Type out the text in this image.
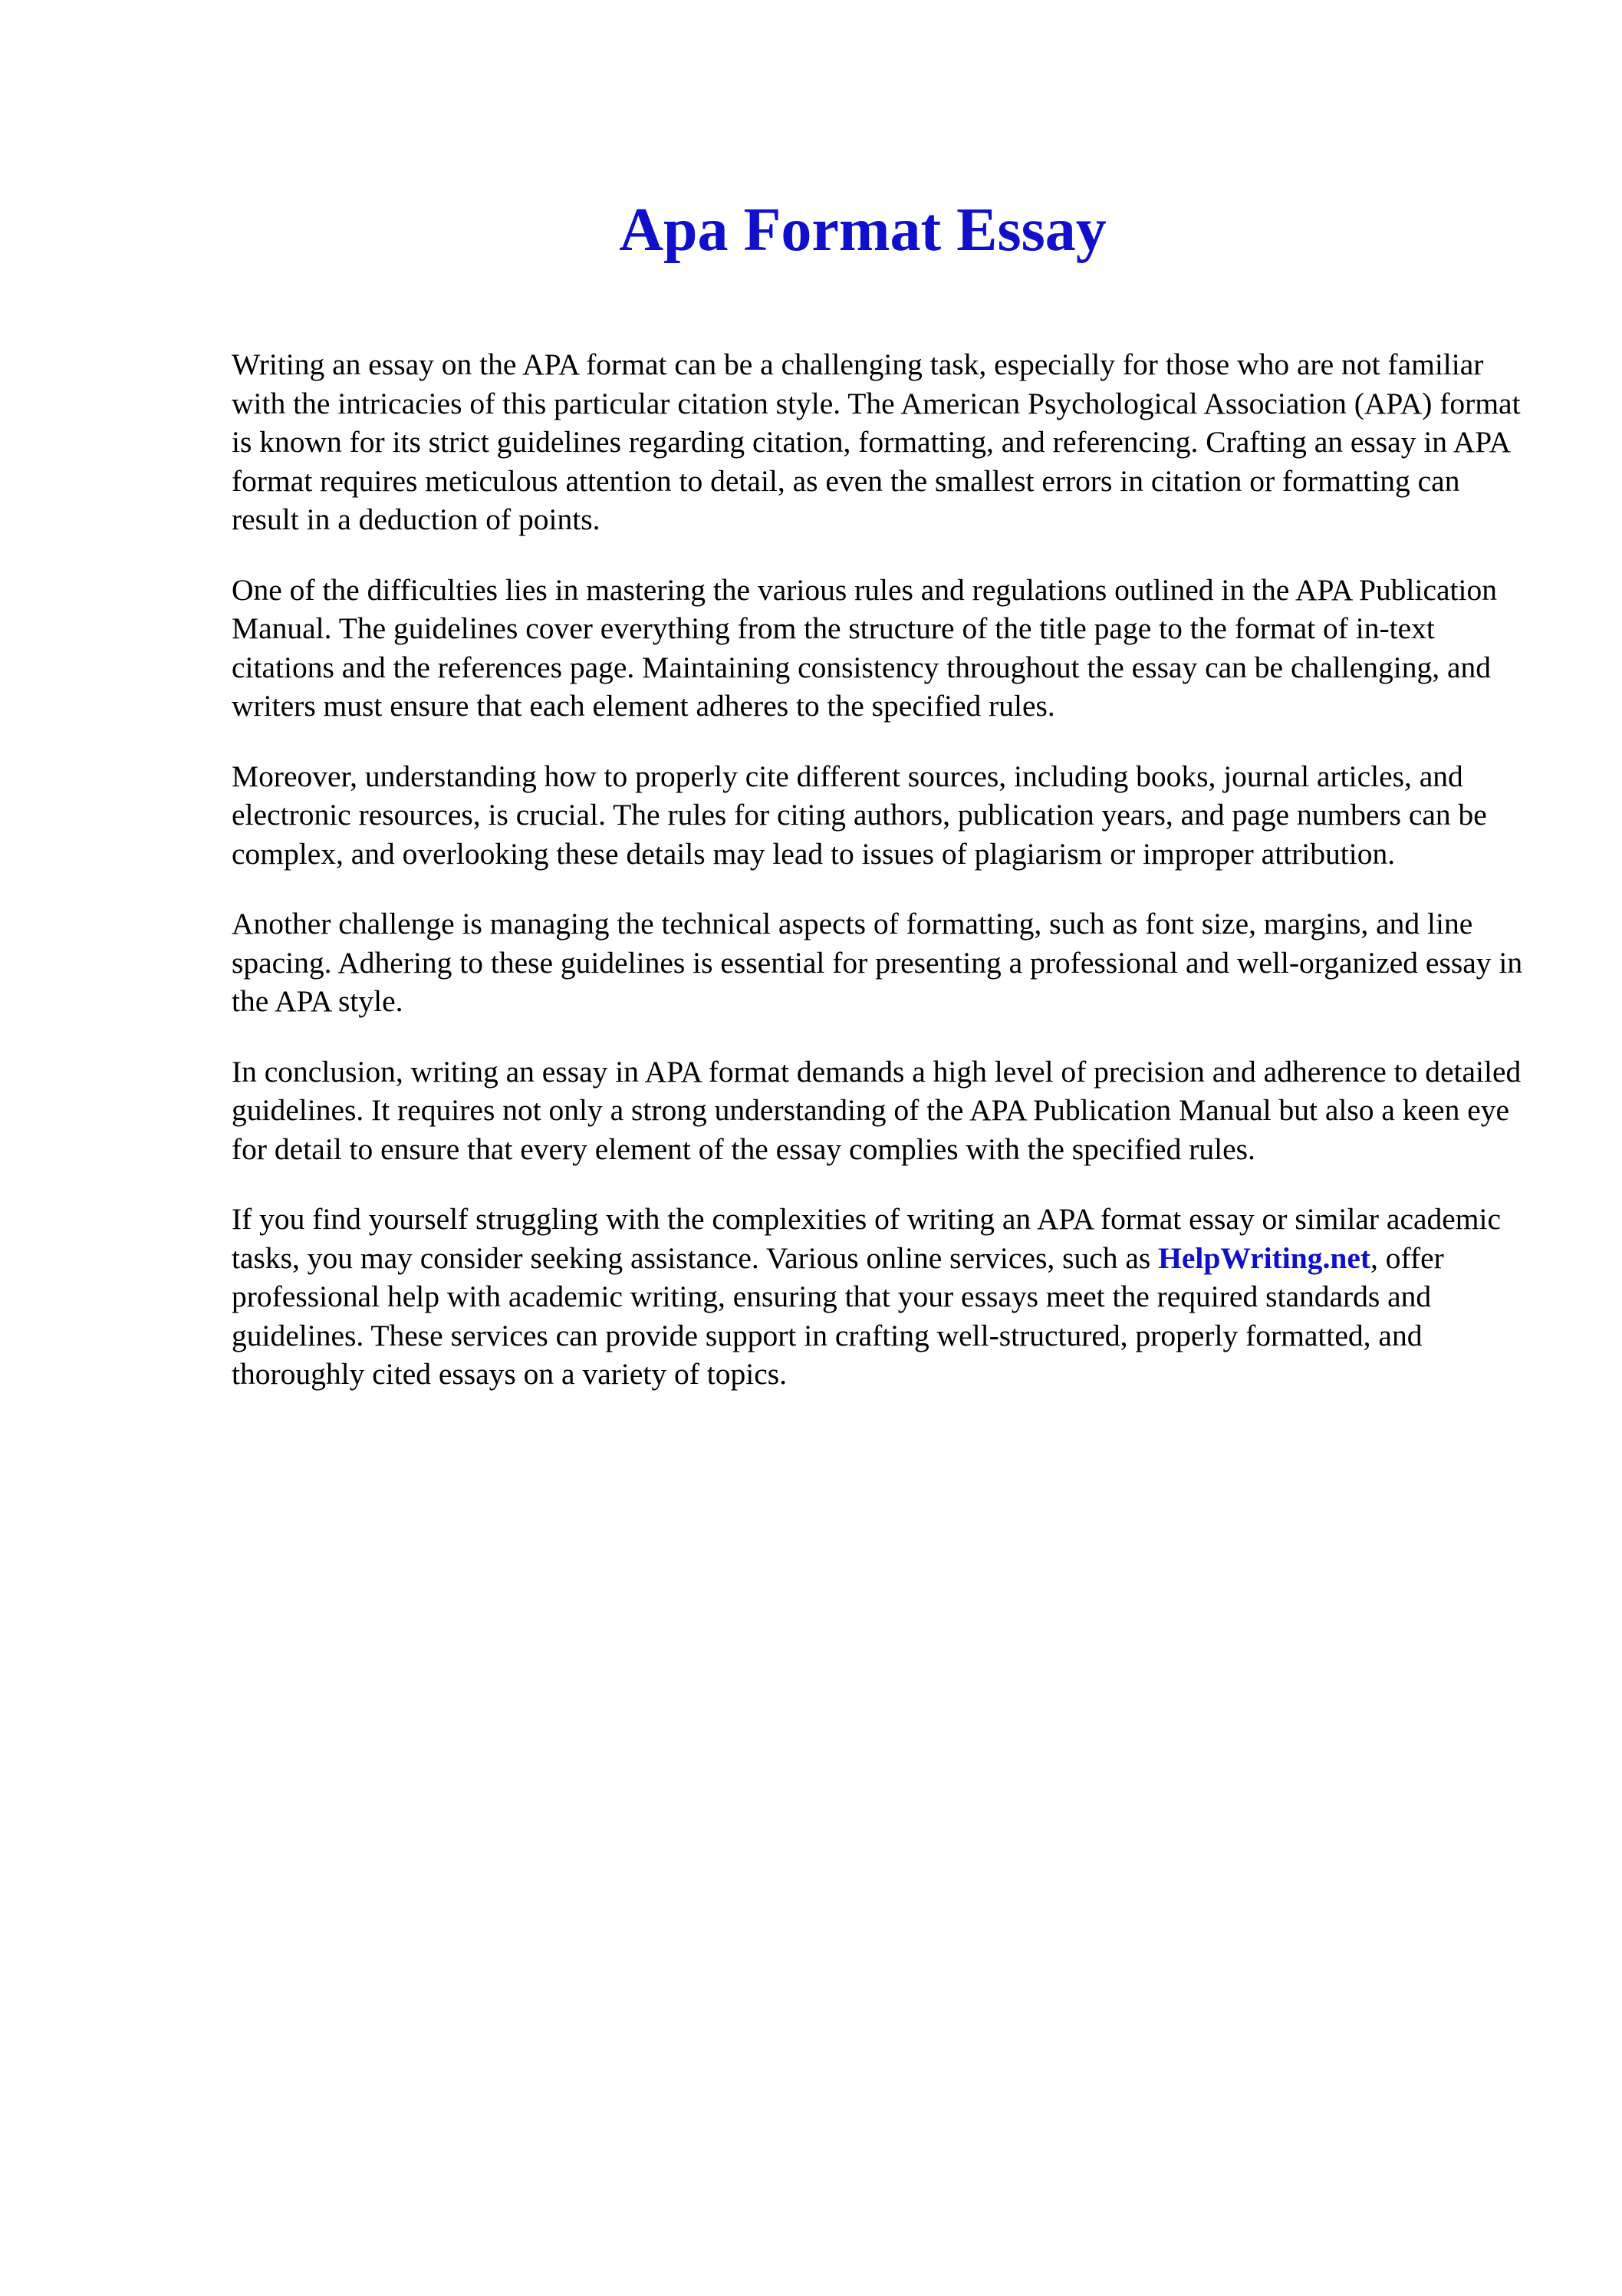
Apa Format Essay

Writing an essay on the APA format can be a challenging task, especially for those who are not familiar with the intricacies of this particular citation style. The American Psychological Association (APA) format is known for its strict guidelines regarding citation, formatting, and referencing. Crafting an essay in APA format requires meticulous attention to detail, as even the smallest errors in citation or formatting can result in a deduction of points.

One of the difficulties lies in mastering the various rules and regulations outlined in the APA Publication Manual. The guidelines cover everything from the structure of the title page to the format of in-text citations and the references page. Maintaining consistency throughout the essay can be challenging, and writers must ensure that each element adheres to the specified rules.

Moreover, understanding how to properly cite different sources, including books, journal articles, and electronic resources, is crucial. The rules for citing authors, publication years, and page numbers can be complex, and overlooking these details may lead to issues of plagiarism or improper attribution.

Another challenge is managing the technical aspects of formatting, such as font size, margins, and line spacing. Adhering to these guidelines is essential for presenting a professional and well-organized essay in the APA style.

In conclusion, writing an essay in APA format demands a high level of precision and adherence to detailed guidelines. It requires not only a strong understanding of the APA Publication Manual but also a keen eye for detail to ensure that every element of the essay complies with the specified rules.

If you find yourself struggling with the complexities of writing an APA format essay or similar academic tasks, you may consider seeking assistance. Various online services, such as HelpWriting.net, offer professional help with academic writing, ensuring that your essays meet the required standards and guidelines. These services can provide support in crafting well-structured, properly formatted, and thoroughly cited essays on a variety of topics.
